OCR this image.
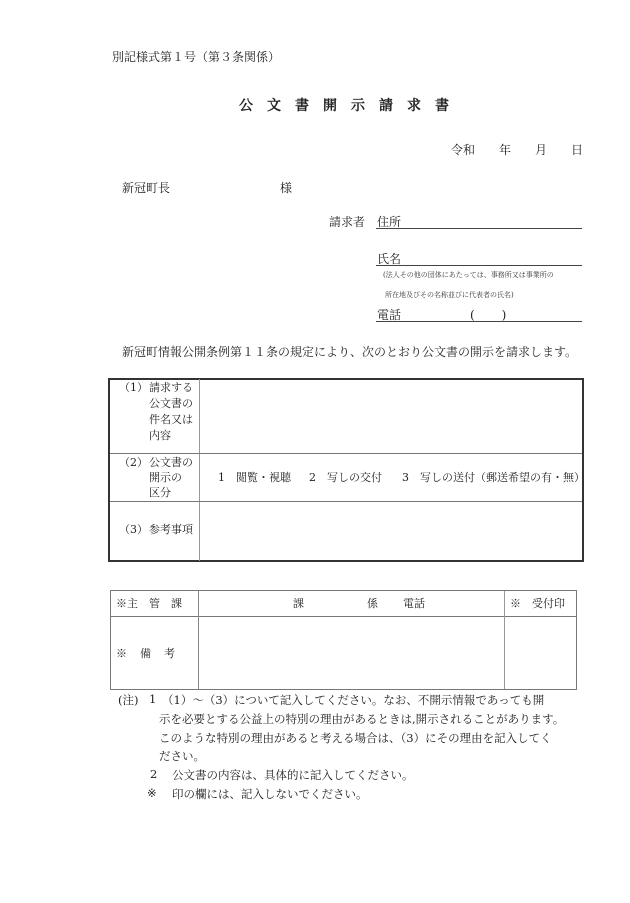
別記様式第１号（第３条関係）
公文書開示請求書
令和 年 月 日
新冠町長	様
請求者 住所
氏名
(法人その他の団体にあたっては、事務所又は事業所の
所在地及びその名称並びに代表者の氏名)
電話	(　　)
新冠町情報公開条例第１１条の規定により、次のとおり公文書の開示を請求します。
（1） 請求する
公文書の
件名又は
内容
（2） 公文書の
開示の
区分
1　閲覧・視聴 2　写しの交付 3　写しの送付（郵送希望の有・無）
（3） 参考事項
※主　管　課	課	係 電話	※　受付印
※　備　考
(注) 1 （1）～（3）について記入してください。なお、不開示情報であっても開
示を必要とする公益上の特別の理由があるときは,開示されることがあります。
このような特別の理由があると考える場合は、（3）にその理由を記入してく
ださい。
2 公文書の内容は、具体的に記入してください。
※ 印の欄には、記入しないでください。
